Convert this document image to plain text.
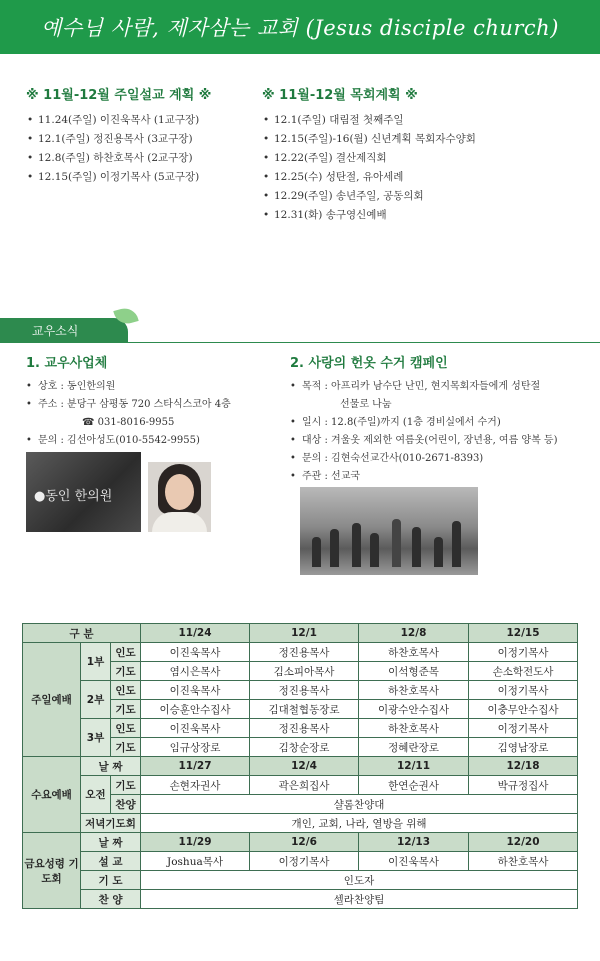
예수님 사람, 제자삼는 교회 (Jesus disciple church)
※ 11월-12월 주일설교 계획 ※
• 11.24(주일) 이진욱목사 (1교구장)
• 12.1(주일) 정진용목사 (3교구장)
• 12.8(주일) 하찬호목사 (2교구장)
• 12.15(주일) 이정기목사 (5교구장)
※ 11월-12월 목회계획 ※
• 12.1(주일) 대림절 첫째주일
• 12.15(주일)-16(월) 신년계획 목회자수양회
• 12.22(주일) 결산제직회
• 12.25(수) 성탄절, 유아세례
• 12.29(주일) 송년주일, 공동의회
• 12.31(화) 송구영신예배
교우소식
1. 교우사업체
• 상호 : 동인한의원
• 주소 : 분당구 삼평동 720 스타식스코아 4층
☎ 031-8016-9955
• 문의 : 김선아성도(010-5542-9955)
●동인 한의원
2. 사랑의 헌옷 수거 캠페인
• 목적 : 아프리카 남수단 난민, 현지목회자들에게 성탄절
선물로 나눔
• 일시 : 12.8(주일)까지 (1층 경비실에서 수거)
• 대상 : 겨울옷 제외한 여름옷(어린이, 장년용, 여름 양복 등)
• 문의 : 김현숙선교간사(010-2671-8393)
• 주관 : 선교국
구 분			11/24	12/1	12/8	12/15
주일예배	1부	인도	이진욱목사	정진용목사	하찬호목사	이정기목사
		기도	염시은목사	김소피아목사	이석형준목	손소학전도사
	2부	인도	이진욱목사	정진용목사	하찬호목사	이정기목사
		기도	이승훈안수집사	김대철협동장로	이광수안수집사	이충무안수집사
	3부	인도	이진욱목사	정진용목사	하찬호목사	이정기목사
		기도	임규상장로	김창순장로	정혜란장로	김영남장로
수요예배	날 짜		11/27	12/4	12/11	12/18
	오전	기도	손현자권사	곽은희집사	한연순권사	박규정집사
		찬양	샬롬찬양대			
	저녁기도회		개인, 교회, 나라, 열방을 위해			
금요성령 기도회	날 짜		11/29	12/6	12/13	12/20
	설 교		Joshua목사	이정기목사	이진욱목사	하찬호목사
	기 도		인도자			
	찬 양		셀라찬양팀			
